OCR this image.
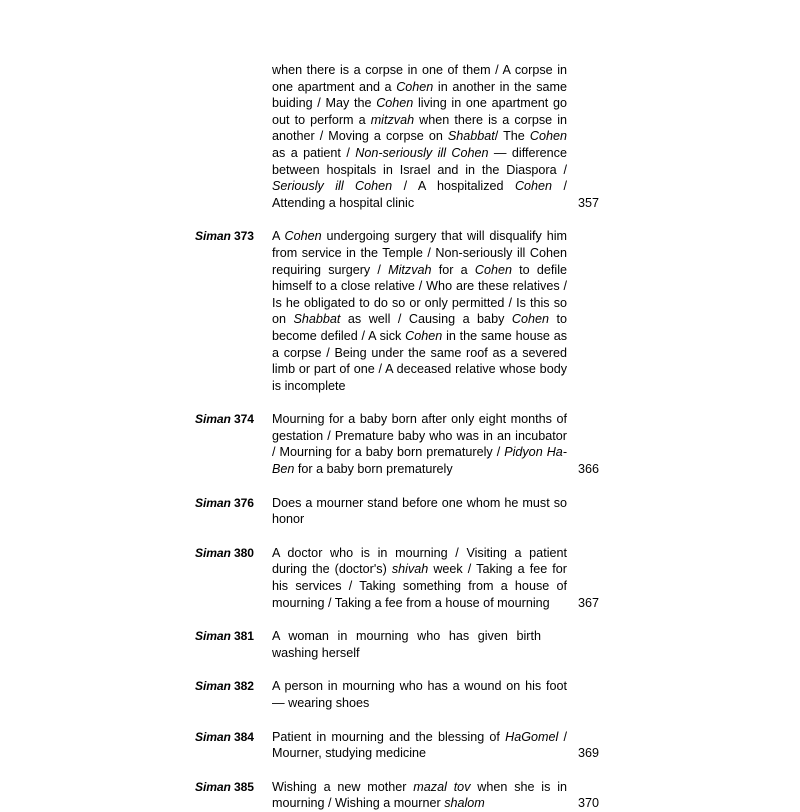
when there is a corpse in one of them / A corpse in one apartment and a Cohen in another in the same buiding / May the Cohen living in one apartment go out to perform a mitzvah when there is a corpse in another / Moving a corpse on Shabbat/ The Cohen as a patient / Non-seriously ill Cohen — difference between hospitals in Israel and in the Diaspora / Seriously ill Cohen / A hospitalized Cohen / Attending a hospital clinic	357
Siman 373	A Cohen undergoing surgery that will disqualify him from service in the Temple / Non-seriously ill Cohen requiring surgery / Mitzvah for a Cohen to defile himself to a close relative / Who are these relatives / Is he obligated to do so or only permitted / Is this so on Shabbat as well / Causing a baby Cohen to become defiled / A sick Cohen in the same house as a corpse / Being under the same roof as a severed limb or part of one / A deceased relative whose body is incomplete
Siman 374	Mourning for a baby born after only eight months of gestation / Premature baby who was in an incubator / Mourning for a baby born prematurely / Pidyon Ha-Ben for a baby born prematurely	366
Siman 376	Does a mourner stand before one whom he must so honor
Siman 380	A doctor who is in mourning / Visiting a patient during the (doctor's) shivah week / Taking a fee for his services / Taking something from a house of mourning / Taking a fee from a house of mourning	367
Siman 381	A woman in mourning who has given birth washing herself
Siman 382	A person in mourning who has a wound on his foot — wearing shoes
Siman 384	Patient in mourning and the blessing of HaGomel / Mourner, studying medicine	369
Siman 385	Wishing a new mother mazal tov when she is in mourning / Wishing a mourner shalom	370
